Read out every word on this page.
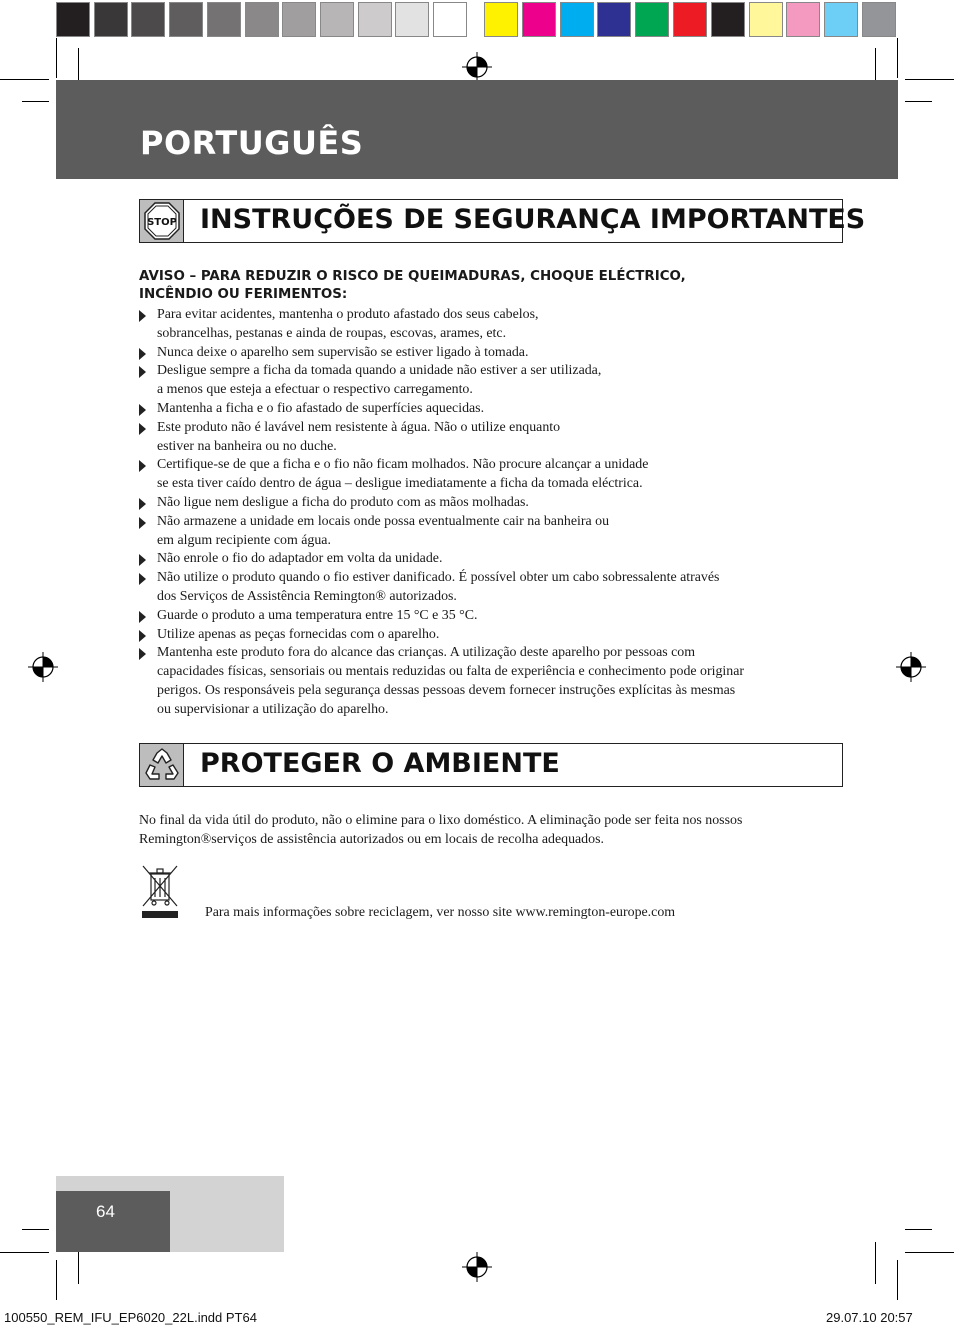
PORTUGUÊS
STOP INSTRUÇÕES DE SEGURANÇA IMPORTANTES
AVISO – PARA REDUZIR O RISCO DE QUEIMADURAS, CHOQUE ELÉCTRICO,
INCÊNDIO OU FERIMENTOS:
Para evitar acidentes, mantenha o produto afastado dos seus cabelos,
sobrancelhas, pestanas e ainda de roupas, escovas, arames, etc.
Nunca deixe o aparelho sem supervisão se estiver ligado à tomada.
Desligue sempre a ficha da tomada quando a unidade não estiver a ser utilizada,
a menos que esteja a efectuar o respectivo carregamento.
Mantenha a ficha e o fio afastado de superfícies aquecidas.
Este produto não é lavável nem resistente à água. Não o utilize enquanto
estiver na banheira ou no duche.
Certifique-se de que a ficha e o fio não ficam molhados. Não procure alcançar a unidade
se esta tiver caído dentro de água – desligue imediatamente a ficha da tomada eléctrica.
Não ligue nem desligue a ficha do produto com as mãos molhadas.
Não armazene a unidade em locais onde possa eventualmente cair na banheira ou
em algum recipiente com água.
Não enrole o fio do adaptador em volta da unidade.
Não utilize o produto quando o fio estiver danificado. É possível obter um cabo sobressalente através
dos Serviços de Assistência Remington® autorizados.
Guarde o produto a uma temperatura entre 15 °C e 35 °C.
Utilize apenas as peças fornecidas com o aparelho.
Mantenha este produto fora do alcance das crianças. A utilização deste aparelho por pessoas com
capacidades físicas, sensoriais ou mentais reduzidas ou falta de experiência e conhecimento pode originar
perigos. Os responsáveis pela segurança dessas pessoas devem fornecer instruções explícitas às mesmas
ou supervisionar a utilização do aparelho.
PROTEGER O AMBIENTE
No final da vida útil do produto, não o elimine para o lixo doméstico. A eliminação pode ser feita nos nossos
Remington®serviços de assistência autorizados ou em locais de recolha adequados.
Para mais informações sobre reciclagem, ver nosso site www.remington-europe.com
64
100550_REM_IFU_EP6020_22L.indd PT64	29.07.10 20:57
